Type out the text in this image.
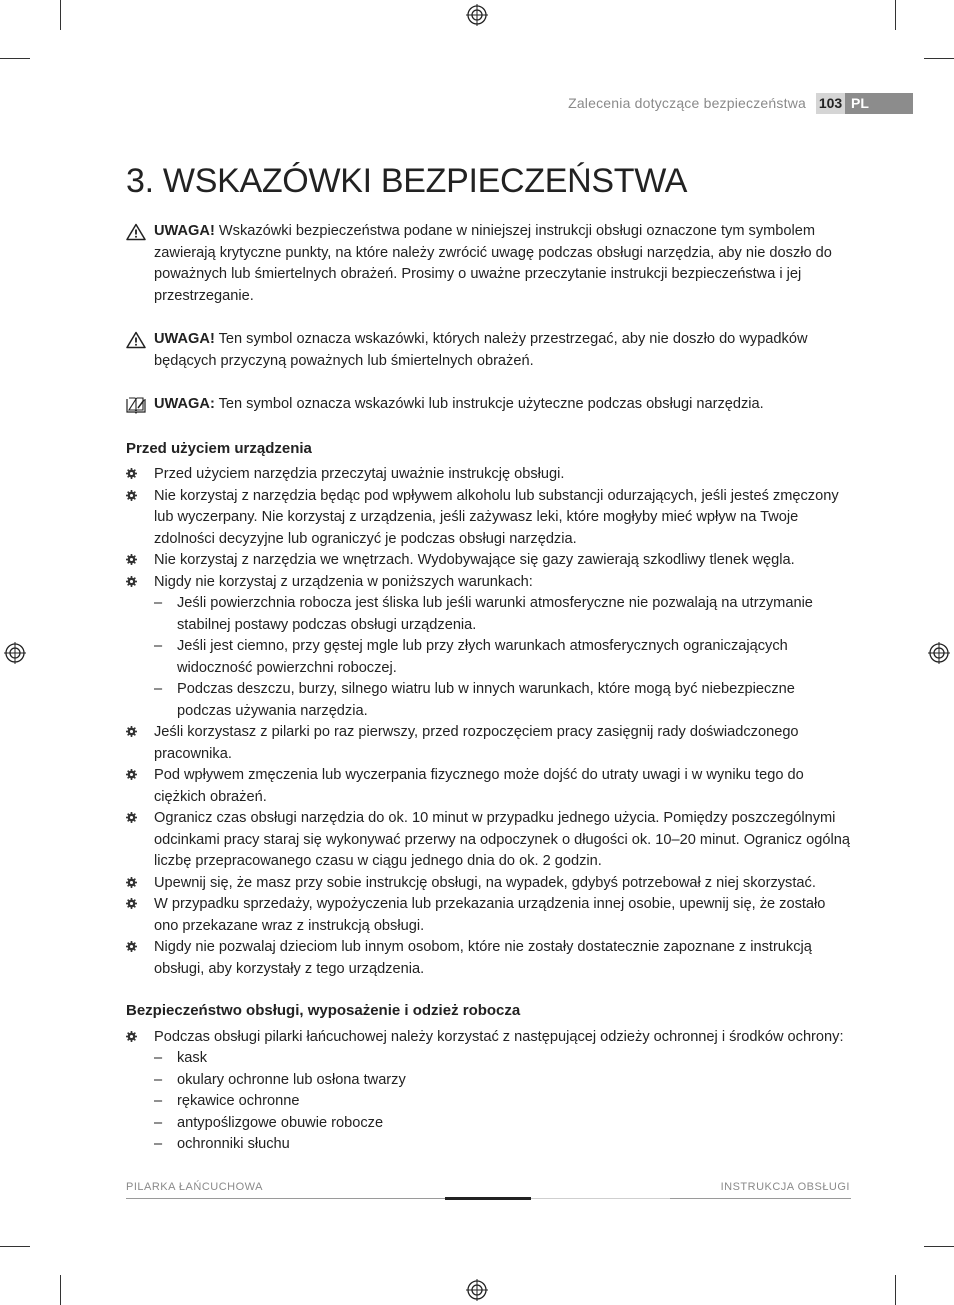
Zalecenia dotyczące bezpieczeństwa 103 PL
3. WSKAZÓWKI BEZPIECZEŃSTWA

UWAGA! Wskazówki bezpieczeństwa podane w niniejszej instrukcji obsługi oznaczone tym symbolem zawierają krytyczne punkty, na które należy zwrócić uwagę podczas obsługi narzędzia, aby nie doszło do poważnych lub śmiertelnych obrażeń. Prosimy o uważne przeczytanie instrukcji bezpieczeństwa i jej przestrzeganie.

UWAGA! Ten symbol oznacza wskazówki, których należy przestrzegać, aby nie doszło do wypadków będących przyczyną poważnych lub śmiertelnych obrażeń.

UWAGA: Ten symbol oznacza wskazówki lub instrukcje użyteczne podczas obsługi narzędzia.

Przed użyciem urządzenia
Przed użyciem narzędzia przeczytaj uważnie instrukcję obsługi.
Nie korzystaj z narzędzia będąc pod wpływem alkoholu lub substancji odurzających, jeśli jesteś zmęczony lub wyczerpany. Nie korzystaj z urządzenia, jeśli zażywasz leki, które mogłyby mieć wpływ na Twoje zdolności decyzyjne lub ograniczyć je podczas obsługi narzędzia.
Nie korzystaj z narzędzia we wnętrzach. Wydobywające się gazy zawierają szkodliwy tlenek węgla.
Nigdy nie korzystaj z urządzenia w poniższych warunkach:
– Jeśli powierzchnia robocza jest śliska lub jeśli warunki atmosferyczne nie pozwalają na utrzymanie stabilnej postawy podczas obsługi urządzenia.
– Jeśli jest ciemno, przy gęstej mgle lub przy złych warunkach atmosferycznych ograniczających widoczność powierzchni roboczej.
– Podczas deszczu, burzy, silnego wiatru lub w innych warunkach, które mogą być niebezpieczne podczas używania narzędzia.
Jeśli korzystasz z pilarki po raz pierwszy, przed rozpoczęciem pracy zasięgnij rady doświadczonego pracownika.
Pod wpływem zmęczenia lub wyczerpania fizycznego może dojść do utraty uwagi i w wyniku tego do ciężkich obrażeń.
Ogranicz czas obsługi narzędzia do ok. 10 minut w przypadku jednego użycia. Pomiędzy poszczególnymi odcinkami pracy staraj się wykonywać przerwy na odpoczynek o długości ok. 10–20 minut. Ogranicz ogólną liczbę przepracowanego czasu w ciągu jednego dnia do ok. 2 godzin.
Upewnij się, że masz przy sobie instrukcję obsługi, na wypadek, gdybyś potrzebował z niej skorzystać.
W przypadku sprzedaży, wypożyczenia lub przekazania urządzenia innej osobie, upewnij się, że zostało ono przekazane wraz z instrukcją obsługi.
Nigdy nie pozwalaj dzieciom lub innym osobom, które nie zostały dostatecznie zapoznane z instrukcją obsługi, aby korzystały z tego urządzenia.
Bezpieczeństwo obsługi, wyposażenie i odzież robocza
Podczas obsługi pilarki łańcuchowej należy korzystać z następującej odzieży ochronnej i środków ochrony:
– kask
– okulary ochronne lub osłona twarzy
– rękawice ochronne
– antypoślizgowe obuwie robocze
– ochronniki słuchu
PILARKA ŁAŃCUCHOWA	INSTRUKCJA OBSŁUGI
